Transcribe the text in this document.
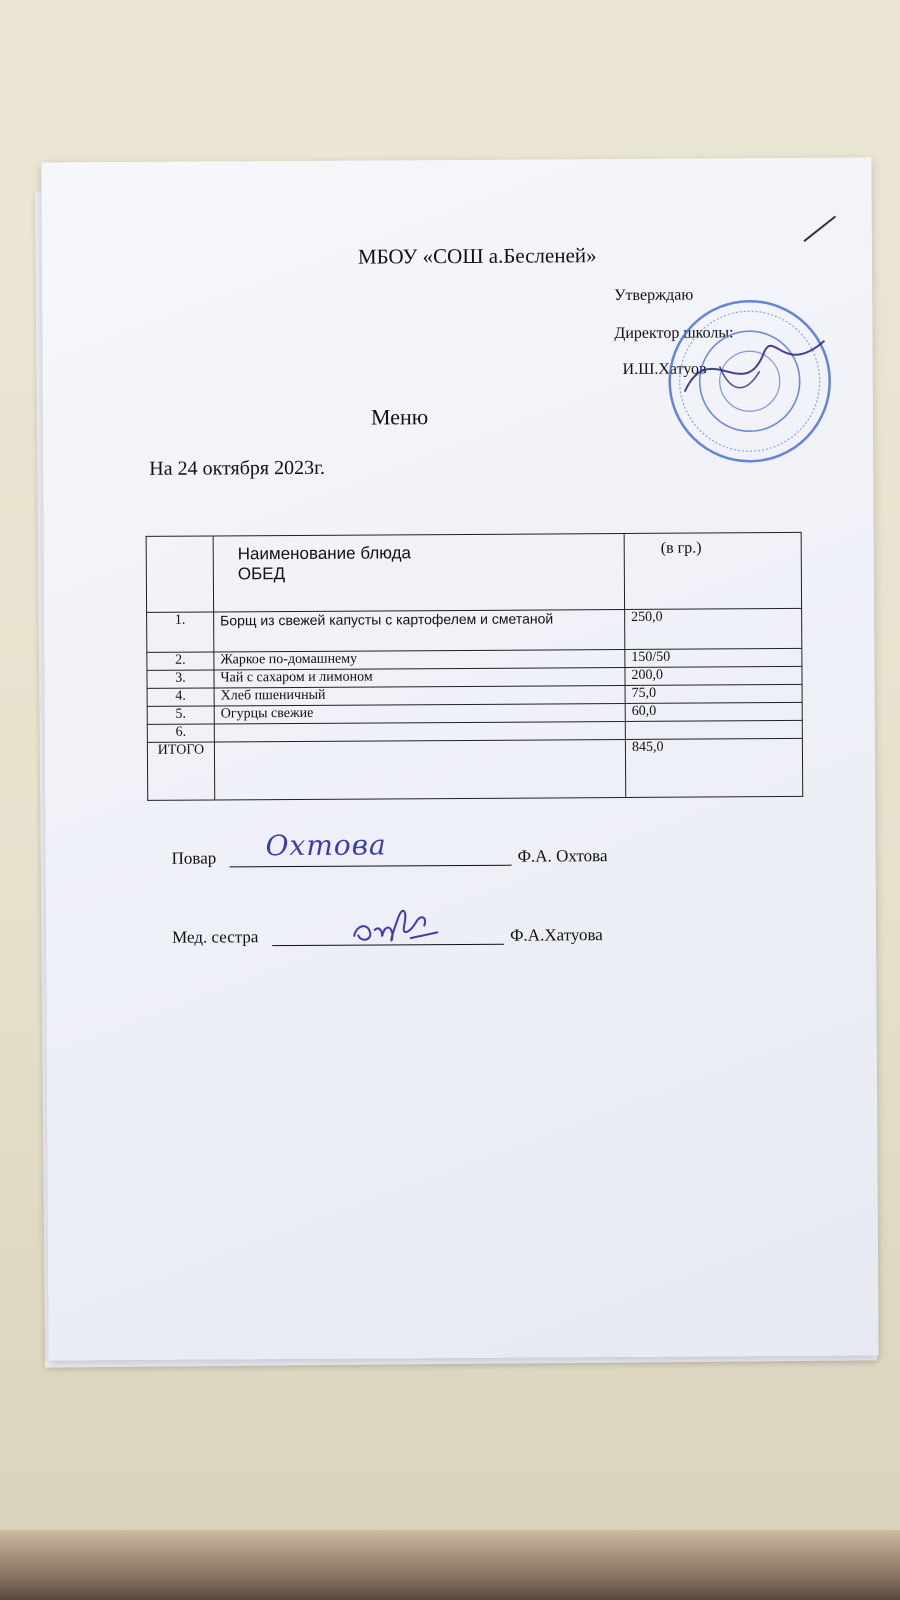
МБОУ «СОШ а.Бесленей»
Утверждаю
Директор школы:
И.Ш.Хатуов
Меню
На 24 октября 2023г.

	Наименование блюда
ОБЕД	(в гр.)

1.	Борщ из свежей капусты с картофелем и сметаной	250,0
2.	Жаркое по-домашнему	150/50
3.	Чай с сахаром и лимоном	200,0
4.	Хлеб пшеничный	75,0
5.	Огурцы свежие	60,0
6.		
ИТОГО		845,0
Повар Охтова	Ф.А. Охтова
Мед. сестра	Ф.А.Хатуова
